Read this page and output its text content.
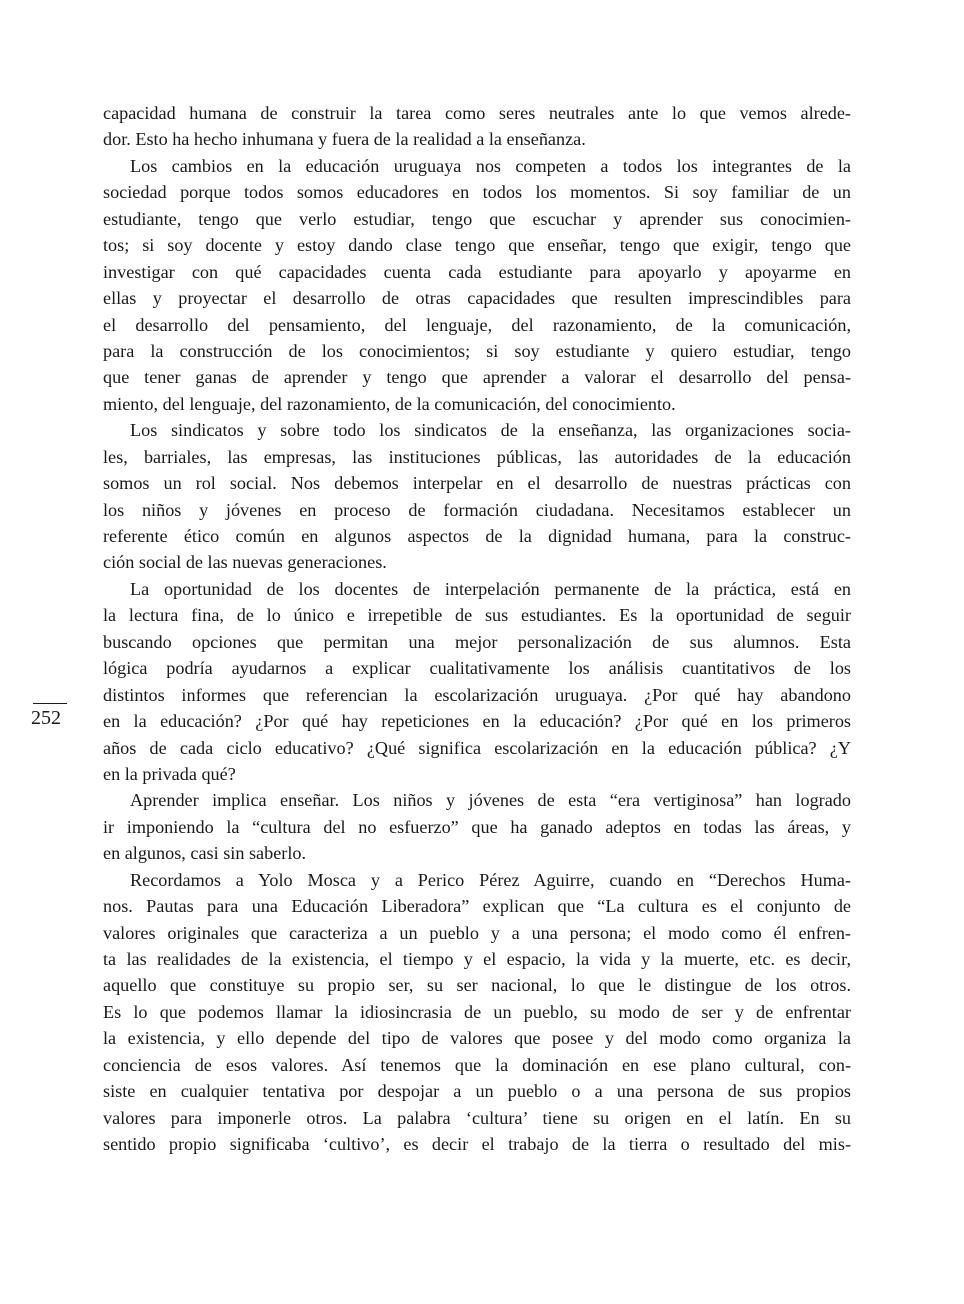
252
capacidad humana de construir la tarea como seres neutrales ante lo que vemos alrede-
dor. Esto ha hecho inhumana y fuera de la realidad a la enseñanza.
Los cambios en la educación uruguaya nos competen a todos los integrantes de la
sociedad porque todos somos educadores en todos los momentos. Si soy familiar de un
estudiante, tengo que verlo estudiar, tengo que escuchar y aprender sus conocimien-
tos; si soy docente y estoy dando clase tengo que enseñar, tengo que exigir, tengo que
investigar con qué capacidades cuenta cada estudiante para apoyarlo y apoyarme en
ellas y proyectar el desarrollo de otras capacidades que resulten imprescindibles para
el desarrollo del pensamiento, del lenguaje, del razonamiento, de la comunicación,
para la construcción de los conocimientos; si soy estudiante y quiero estudiar, tengo
que tener ganas de aprender y tengo que aprender a valorar el desarrollo del pensa-
miento, del lenguaje, del razonamiento, de la comunicación, del conocimiento.
Los sindicatos y sobre todo los sindicatos de la enseñanza, las organizaciones socia-
les, barriales, las empresas, las instituciones públicas, las autoridades de la educación
somos un rol social. Nos debemos interpelar en el desarrollo de nuestras prácticas con
los niños y jóvenes en proceso de formación ciudadana. Necesitamos establecer un
referente ético común en algunos aspectos de la dignidad humana, para la construc-
ción social de las nuevas generaciones.
La oportunidad de los docentes de interpelación permanente de la práctica, está en
la lectura fina, de lo único e irrepetible de sus estudiantes. Es la oportunidad de seguir
buscando opciones que permitan una mejor personalización de sus alumnos. Esta
lógica podría ayudarnos a explicar cualitativamente los análisis cuantitativos de los
distintos informes que referencian la escolarización uruguaya. ¿Por qué hay abandono
en la educación? ¿Por qué hay repeticiones en la educación? ¿Por qué en los primeros
años de cada ciclo educativo? ¿Qué significa escolarización en la educación pública? ¿Y
en la privada qué?
Aprender implica enseñar. Los niños y jóvenes de esta “era vertiginosa” han logrado
ir imponiendo la “cultura del no esfuerzo” que ha ganado adeptos en todas las áreas, y
en algunos, casi sin saberlo.
Recordamos a Yolo Mosca y a Perico Pérez Aguirre, cuando en “Derechos Huma-
nos. Pautas para una Educación Liberadora” explican que “La cultura es el conjunto de
valores originales que caracteriza a un pueblo y a una persona; el modo como él enfren-
ta las realidades de la existencia, el tiempo y el espacio, la vida y la muerte, etc. es decir,
aquello que constituye su propio ser, su ser nacional, lo que le distingue de los otros.
Es lo que podemos llamar la idiosincrasia de un pueblo, su modo de ser y de enfrentar
la existencia, y ello depende del tipo de valores que posee y del modo como organiza la
conciencia de esos valores. Así tenemos que la dominación en ese plano cultural, con-
siste en cualquier tentativa por despojar a un pueblo o a una persona de sus propios
valores para imponerle otros. La palabra ‘cultura’ tiene su origen en el latín. En su
sentido propio significaba ‘cultivo’, es decir el trabajo de la tierra o resultado del mis-
